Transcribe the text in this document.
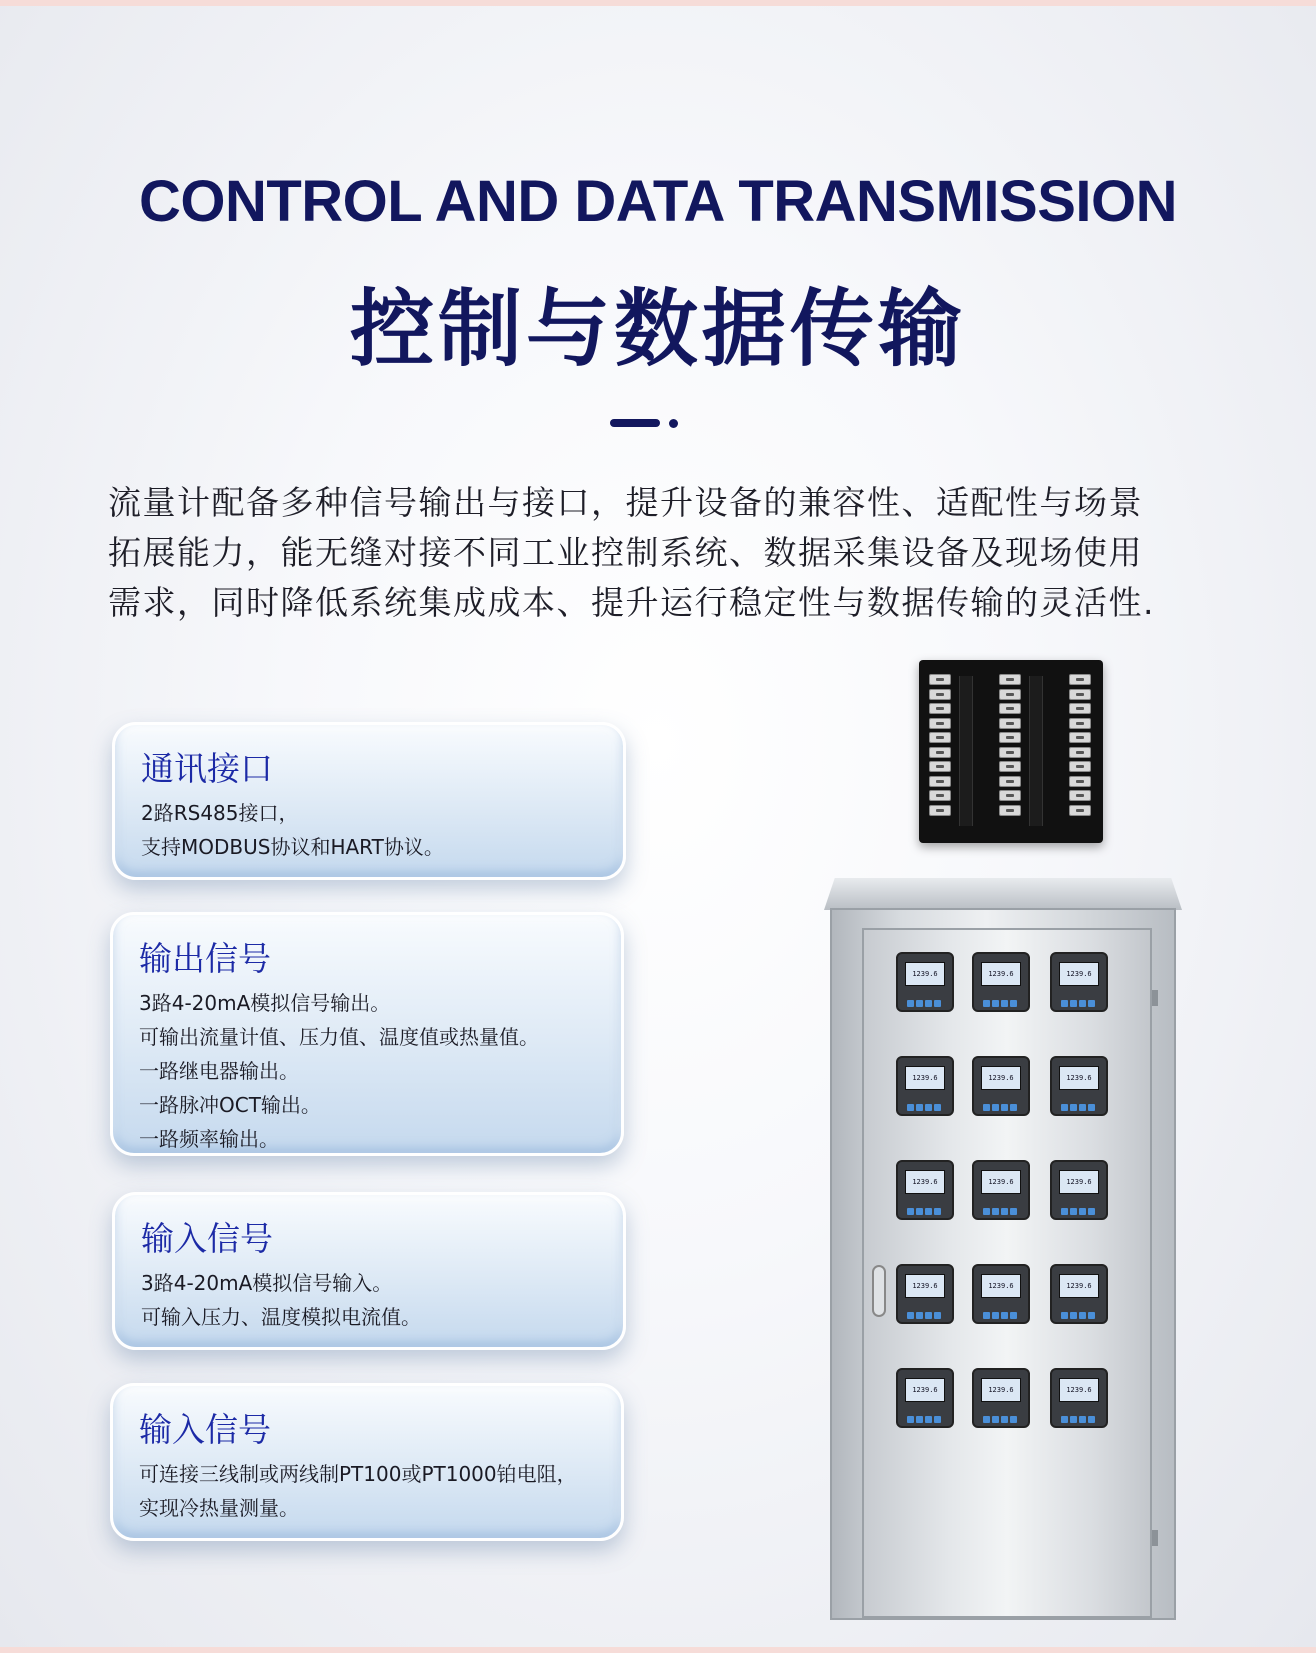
CONTROL AND DATA TRANSMISSION
控制与数据传输
流量计配备多种信号输出与接口，提升设备的兼容性、适配性与场景
拓展能力，能无缝对接不同工业控制系统、数据采集设备及现场使用
需求，同时降低系统集成成本、提升运行稳定性与数据传输的灵活性.
通讯接口
2路RS485接口，
支持MODBUS协议和HART协议。
输出信号
3路4-20mA模拟信号输出。
可输出流量计值、压力值、温度值或热量值。
一路继电器输出。
一路脉冲OCT输出。
一路频率输出。
输入信号
3路4-20mA模拟信号输入。
可输入压力、温度模拟电流值。
输入信号
可连接三线制或两线制PT100或PT1000铂电阻，
实现冷热量测量。
1239.6	1239.6	1239.6
1239.6	1239.6	1239.6
1239.6	1239.6	1239.6
1239.6	1239.6	1239.6
1239.6	1239.6	1239.6
